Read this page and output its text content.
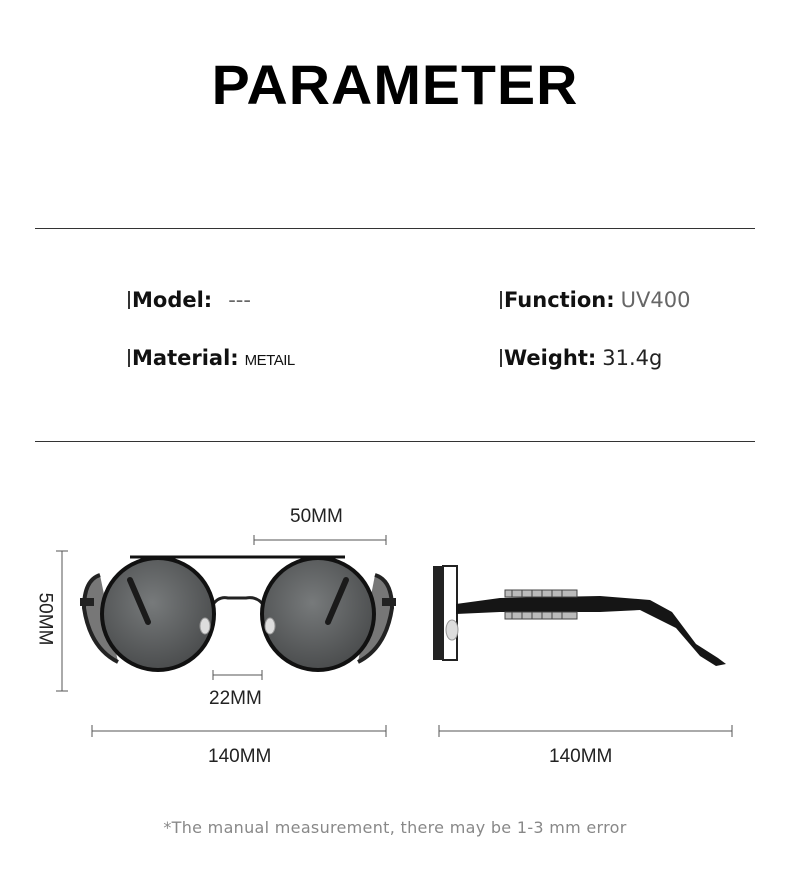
PARAMETER
Model: ---	Function: UV400
Material: METAIL	Weight: 31.4g
50MM
50MM
22MM
140MM	140MM
*The manual measurement, there may be 1-3 mm error
